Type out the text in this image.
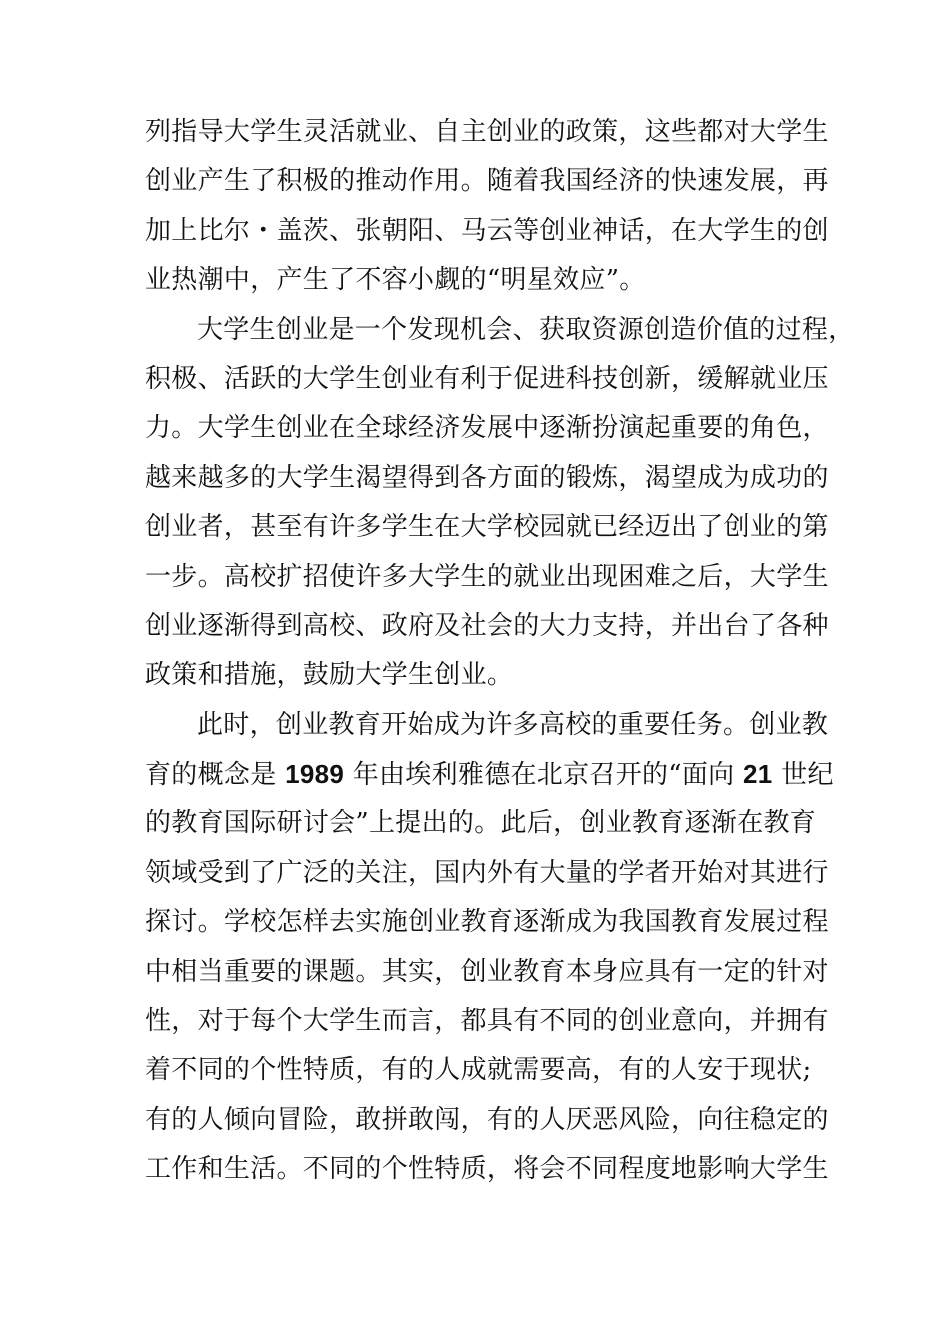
列指导大学生灵活就业、自主创业的政策，这些都对大学生
创业产生了积极的推动作用。随着我国经济的快速发展，再
加上比尔・盖茨、张朝阳、马云等创业神话，在大学生的创
业热潮中，产生了不容小觑的“明星效应”。
大学生创业是一个发现机会、获取资源创造价值的过程，
积极、活跃的大学生创业有利于促进科技创新，缓解就业压
力。大学生创业在全球经济发展中逐渐扮演起重要的角色，
越来越多的大学生渴望得到各方面的锻炼，渴望成为成功的
创业者，甚至有许多学生在大学校园就已经迈出了创业的第
一步。高校扩招使许多大学生的就业出现困难之后，大学生
创业逐渐得到高校、政府及社会的大力支持，并出台了各种
政策和措施，鼓励大学生创业。
此时，创业教育开始成为许多高校的重要任务。创业教
育的概念是 1989 年由埃利雅德在北京召开的“面向 21 世纪
的教育国际研讨会”上提出的。此后，创业教育逐渐在教育
领域受到了广泛的关注，国内外有大量的学者开始对其进行
探讨。学校怎样去实施创业教育逐渐成为我国教育发展过程
中相当重要的课题。其实，创业教育本身应具有一定的针对
性，对于每个大学生而言，都具有不同的创业意向，并拥有
着不同的个性特质，有的人成就需要高，有的人安于现状;
有的人倾向冒险，敢拼敢闯，有的人厌恶风险，向往稳定的
工作和生活。不同的个性特质，将会不同程度地影响大学生
